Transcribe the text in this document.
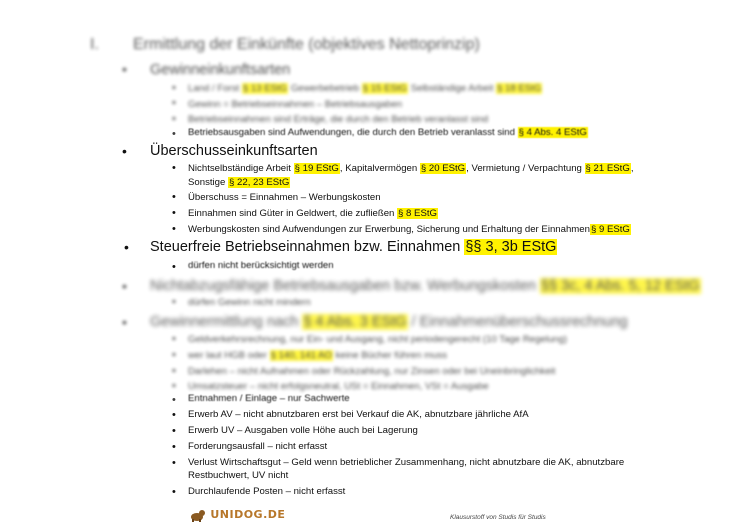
I. Ermittlung der Einkünfte (objektives Nettoprinzip)
• Gewinneinkunftsarten
• Land / Forst § 13 EStG Gewerbebetrieb § 15 EStG Selbständige Arbeit § 18 EStG
• Gewinn = Betriebseinnahmen – Betriebsausgaben
• Betriebseinnahmen sind Erträge, die durch den Betrieb veranlasst sind
• Betriebsausgaben sind Aufwendungen, die durch den Betrieb veranlasst sind § 4 Abs. 4 EStG
• Überschusseinkunftsarten
• Nichtselbständige Arbeit § 19 EStG, Kapitalvermögen § 20 EStG, Vermietung / Verpachtung § 21 EStG,
Sonstige § 22, 23 EStG
• Überschuss = Einnahmen – Werbungskosten
• Einnahmen sind Güter in Geldwert, die zufließen § 8 EStG
• Werbungskosten sind Aufwendungen zur Erwerbung, Sicherung und Erhaltung der Einnahmen§ 9 EStG
• Steuerfreie Betriebseinnahmen bzw. Einnahmen §§ 3, 3b EStG
• dürfen nicht berücksichtigt werden
• Nichtabzugsfähige Betriebsausgaben bzw. Werbungskosten §§ 3c, 4 Abs. 5, 12 EStG
• dürfen Gewinn nicht mindern
• Gewinnermittlung nach § 4 Abs. 3 EStG / Einnahmenüberschussrechnung
• Geldverkehrsrechnung, nur Ein- und Ausgang, nicht periodengerecht (10 Tage Regelung)
• wer laut HGB oder § 140, 141 AO keine Bücher führen muss
• Darlehen – nicht Aufnahmen oder Rückzahlung, nur Zinsen oder bei Uneinbringlichkeit
• Umsatzsteuer – nicht erfolgsneutral, USt = Einnahmen, VSt = Ausgabe
• Entnahmen / Einlage – nur Sachwerte
• Erwerb AV – nicht abnutzbaren erst bei Verkauf die AK, abnutzbare jährliche AfA
• Erwerb UV – Ausgaben volle Höhe auch bei Lagerung
• Forderungsausfall – nicht erfasst
• Verlust Wirtschaftsgut – Geld wenn betrieblicher Zusammenhang, nicht abnutzbare die AK, abnutzbare
Restbuchwert, UV nicht
• Durchlaufende Posten – nicht erfasst
UNIDOG.DE	Klausurstoff von Studis für Studis
